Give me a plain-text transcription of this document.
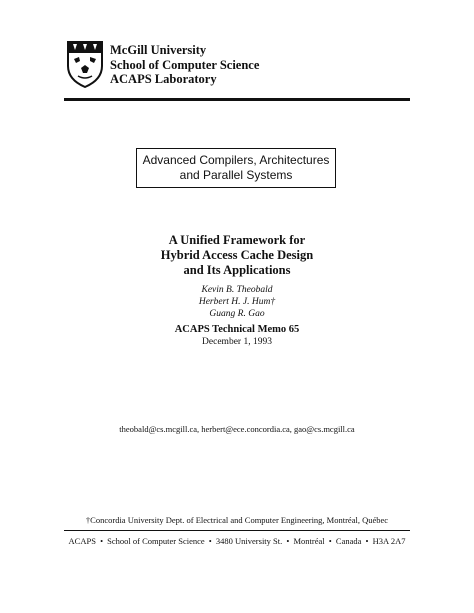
McGill University
School of Computer Science
ACAPS Laboratory
Advanced Compilers, Architectures
and Parallel Systems
A Unified Framework for
Hybrid Access Cache Design
and Its Applications
Kevin B. Theobald
Herbert H. J. Hum†
Guang R. Gao
ACAPS Technical Memo 65
December 1, 1993
theobald@cs.mcgill.ca, herbert@ece.concordia.ca, gao@cs.mcgill.ca
†Concordia University Dept. of Electrical and Computer Engineering, Montréal, Québec
ACAPS • School of Computer Science • 3480 University St. • Montréal • Canada • H3A 2A7
